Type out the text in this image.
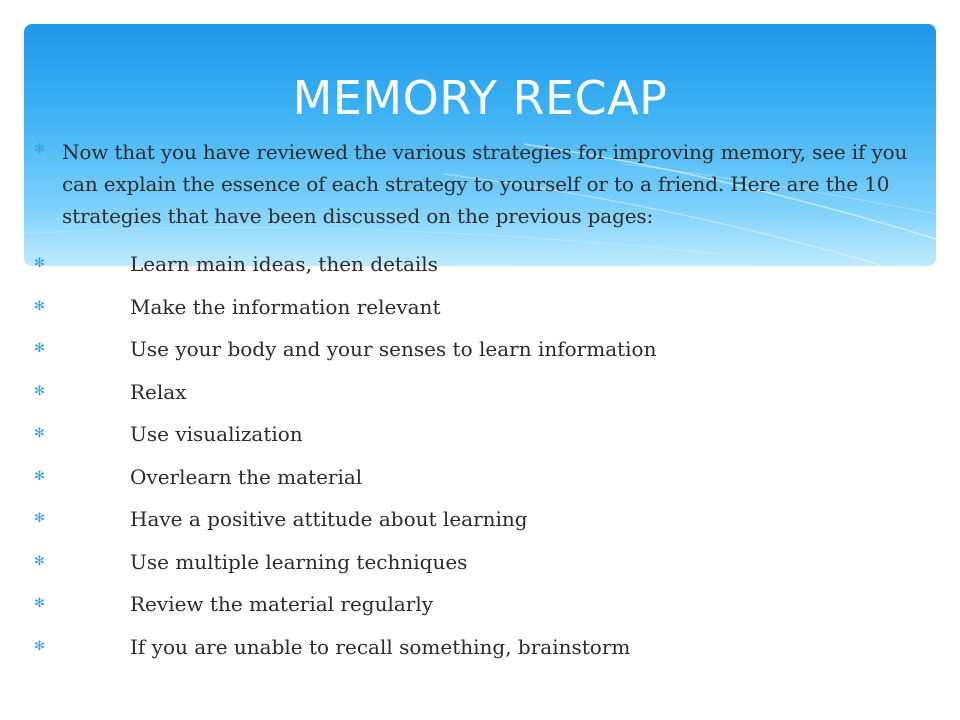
MEMORY RECAP

✻ Now that you have reviewed the various strategies for improving memory, see if you can explain the essence of each strategy to yourself or to a friend. Here are the 10 strategies that have been discussed on the previous pages:

✻	Learn main ideas, then details
✻	Make the information relevant
✻	Use your body and your senses to learn information
✻	Relax
✻	Use visualization
✻	Overlearn the material
✻	Have a positive attitude about learning
✻	Use multiple learning techniques
✻	Review the material regularly
✻	If you are unable to recall something, brainstorm
